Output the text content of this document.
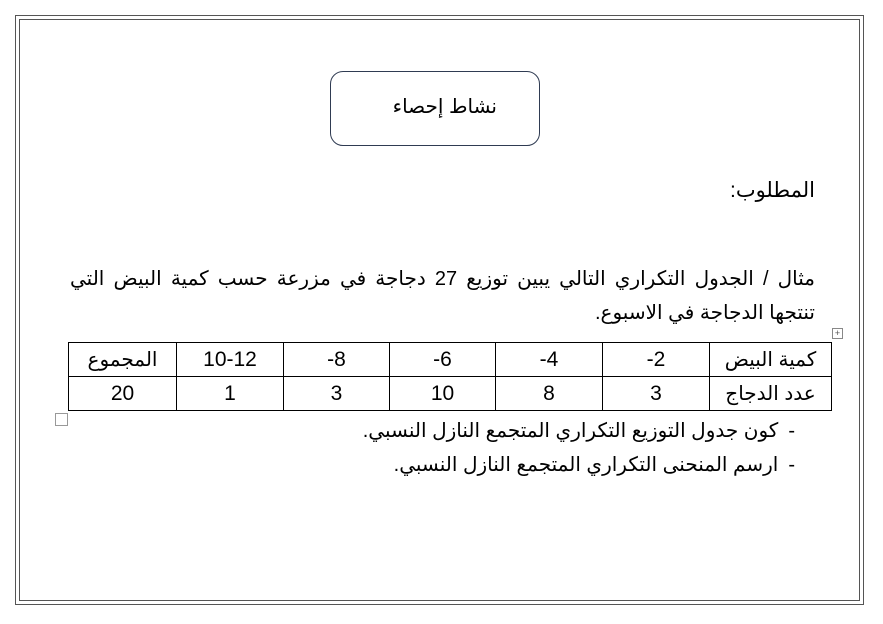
نشاط إحصاء
المطلوب:
مثال / الجدول التكراري التالي يبين توزيع 27 دجاجة في مزرعة حسب كمية البيض التي تنتجها الدجاجة في الاسبوع.
+
كمية البيض	2-	4-	6-	8-	10-12	المجموع
عدد الدجاج	3	8	10	3	1	20
-كون جدول التوزيع التكراري المتجمع النازل النسبي.
-ارسم المنحنى التكراري المتجمع النازل النسبي.
